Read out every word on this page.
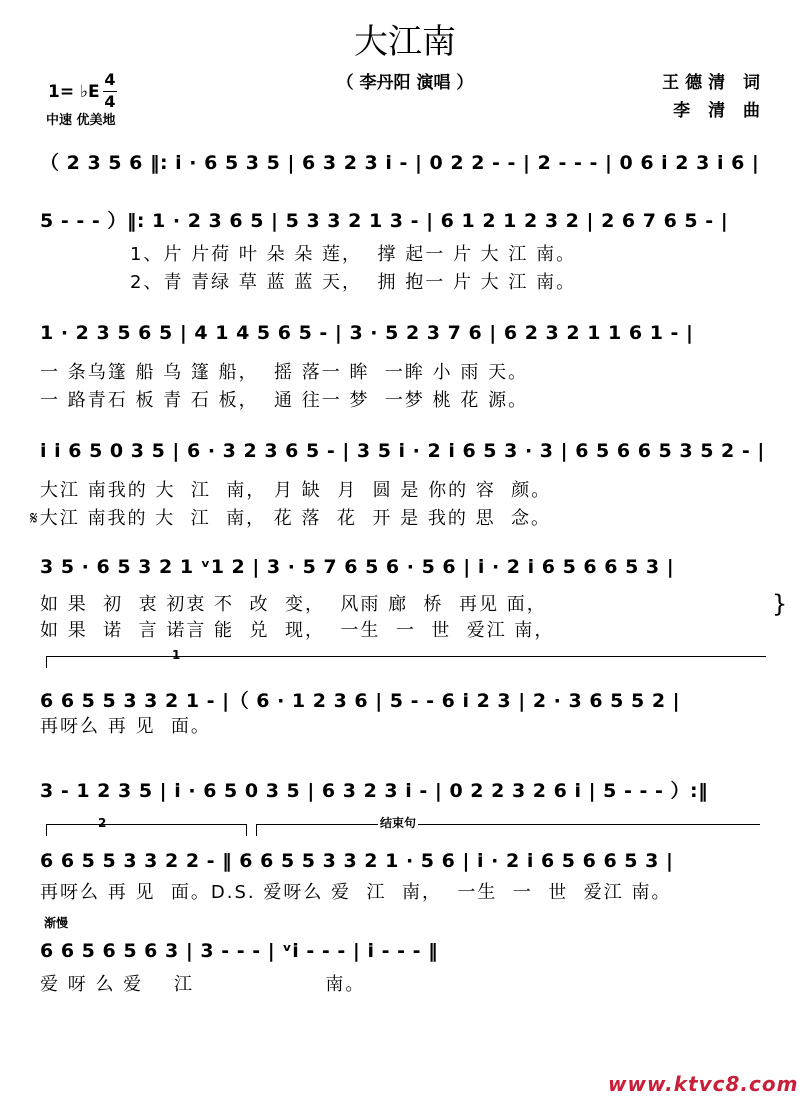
大江南
（ 李丹阳 演唱 ）	王德清 词
李 清 曲
1= ♭E
4
4
中速 优美地
（ 2 3 5 6 ‖: i · 6 5 3 5 | 6 3 2 3 i - | 0 2 2 - - | 2 - - - | 0 6 i 2 3 i 6 |
5 - - - ）‖: 1 · 2 3 6 5 | 5 3 3 2 1 3 - | 6 1 2 1 2 3 2 | 2 6 7 6 5 - |
1、片 片荷 叶 朵 朵 莲，  撑 起一 片 大 江 南。
2、青 青绿 草 蓝 蓝 天，  拥 抱一 片 大 江 南。
1 · 2 3 5 6 5 | 4 1 4 5 6 5 - | 3 · 5 2 3 7 6 | 6 2 3 2 1 1 6 1 - |
一 条乌篷 船 乌 篷 船，  摇 落一 眸  一眸 小 雨 天。
一 路青石 板 青 石 板，  通 往一 梦  一梦 桃 花 源。
i i 6 5 0 3 5 | 6 · 3 2 3 6 5 - | 3 5 i · 2 i 6 5 3 · 3 | 6 5 6 6 5 3 5 2 - |
大江 南我的 大  江  南， 月 缺  月  圆 是 你的 容  颜。
𝄋大江 南我的 大  江  南， 花 落  花  开 是 我的 思  念。
3 5 · 6 5 3 2 1 ᵛ1 2 | 3 · 5 7 6 5 6 · 5 6 | i · 2 i 6 5 6 6 5 3 |
如 果  初  衷 初衷 不  改  变，  风雨 廊  桥  再见 面，
如 果  诺  言 诺言 能  兑  现，  一生  一  世  爱江 南，
}
1
6 6 5 5 3 3 2 1 - |（ 6 · 1 2 3 6 | 5 - - 6 i 2 3 | 2 · 3 6 5 5 2 |
再呀么 再 见  面。
3 - 1 2 3 5 | i · 6 5 0 3 5 | 6 3 2 3 i - | 0 2 2 3 2 6 i | 5 - - - ）:‖
2	结束句
6 6 5 5 3 3 2 2 - ‖ 6 6 5 5 3 3 2 1 · 5 6 | i · 2 i 6 5 6 6 5 3 |
再呀么 再 见  面。D.S. 爱呀么 爱  江  南，  一生  一  世  爱江 南。
渐慢
6 6 5 6 5 6 3 | 3 - - - | ᵛi - - - | i - - - ‖
爱 呀 么 爱    江                 南。
www.ktvc8.com
